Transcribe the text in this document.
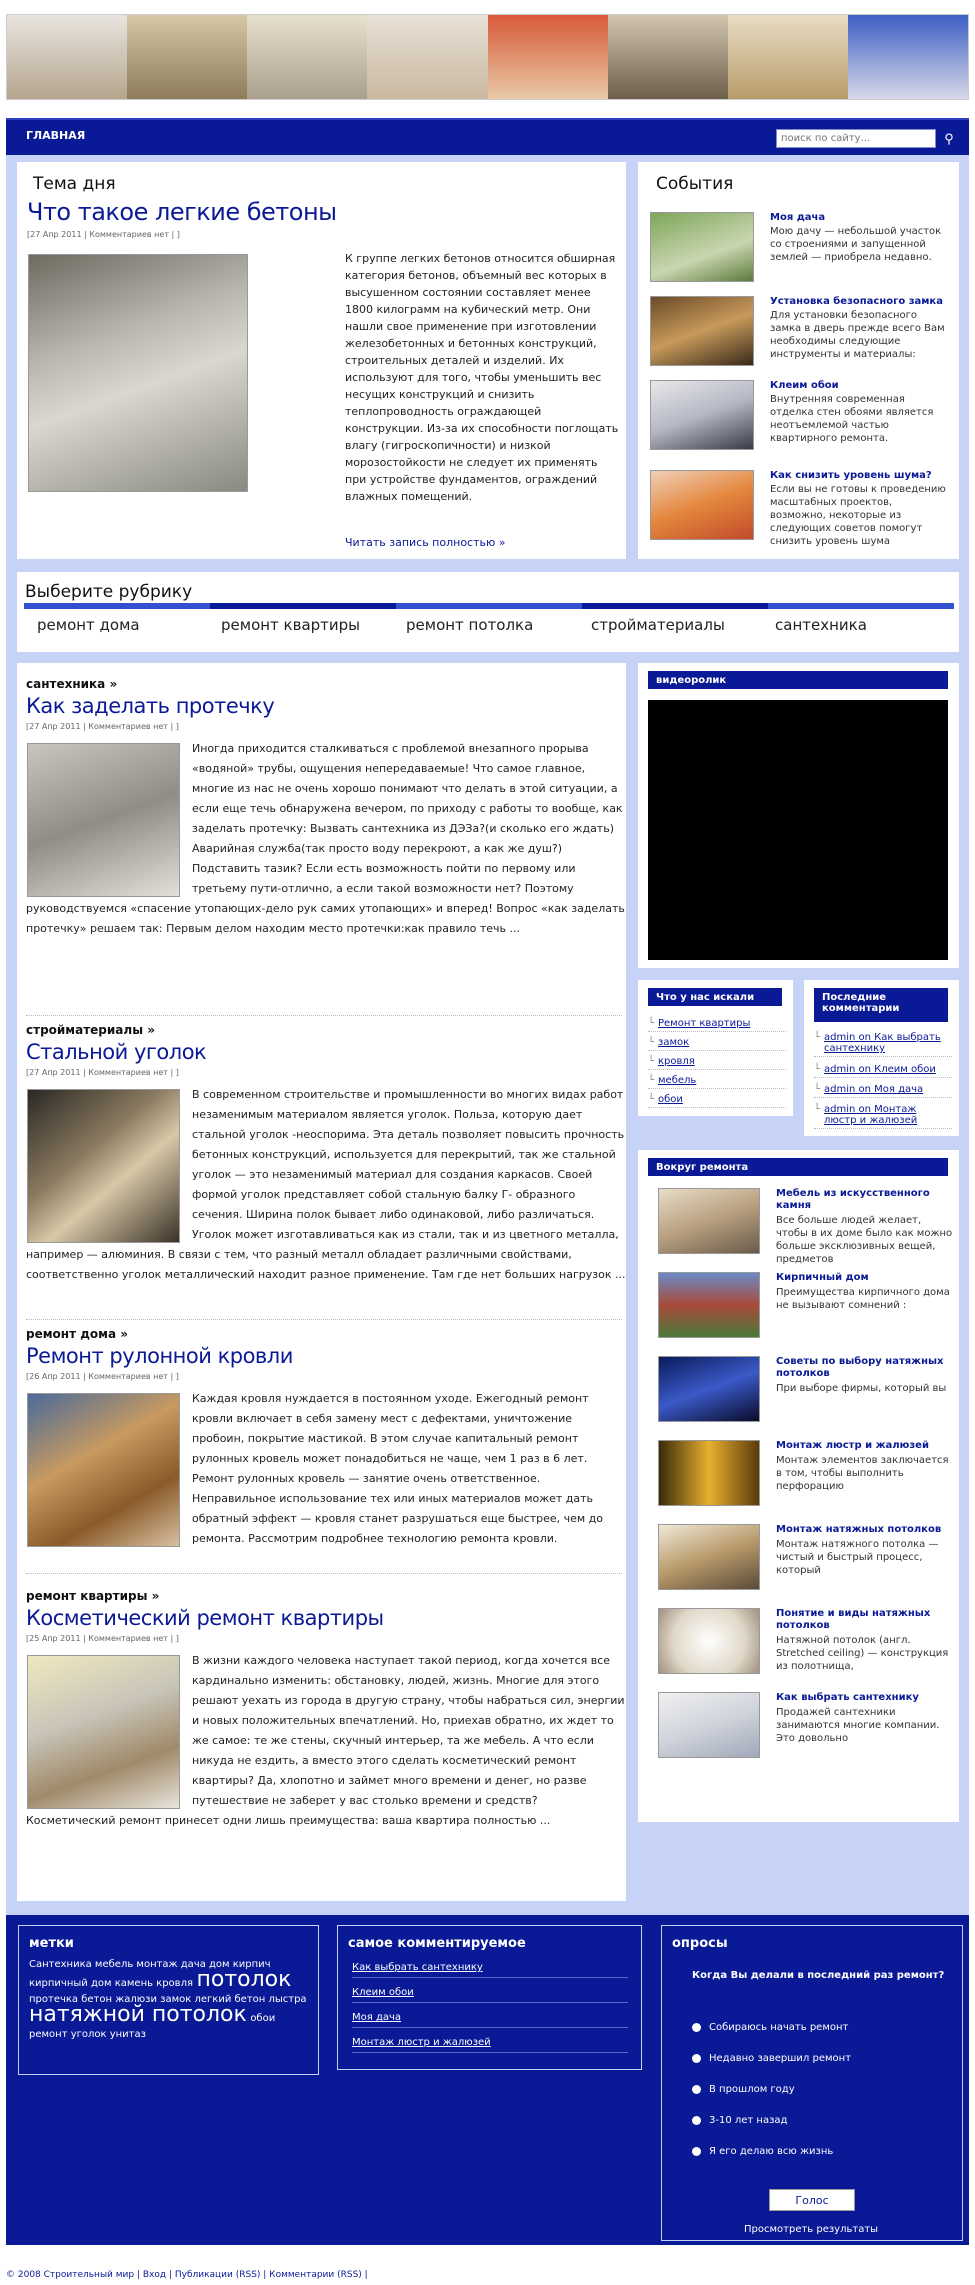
ГЛАВНАЯ
поиск по сайту...	⚲
Тема дня
Что такое легкие бетоны
[27 Апр 2011 | Комментариев нет | ]
К группе легких бетонов относится обширная категория бетонов, объемный вес которых в высушенном состоянии составляет менее 1800 килограмм на кубический метр. Они нашли свое применение при изготовлении железобетонных и бетонных конструкций, строительных деталей и изделий. Их используют для того, чтобы уменьшить вес несущих конструкций и снизить теплопроводность ограждающей конструкции. Из-за их способности поглощать влагу (гигроскопичности) и низкой морозостойкости не следует их применять при устройстве фундаментов, ограждений влажных помещений.
Читать запись полностью »
События
Моя дача
Мою дачу — небольшой участок со строениями и запущенной землей — приобрела недавно.
Установка безопасного замка
Для установки безопасного замка в дверь прежде всего Вам необходимы следующие инструменты и материалы:
Клеим обои
Внутренняя современная отделка стен обоями является неотъемлемой частью квартирного ремонта.
Как снизить уровень шума?
Если вы не готовы к проведению масштабных проектов, возможно, некоторые из следующих советов помогут снизить уровень шума
Выберите рубрику
ремонт дома	ремонт квартиры	ремонт потолка	стройматериалы	сантехника
сантехника »
Как заделать протечку
[27 Апр 2011 | Комментариев нет | ]
Иногда приходится сталкиваться с проблемой внезапного прорыва «водяной» трубы, ощущения непередаваемые! Что самое главное, многие из нас не очень хорошо понимают что делать в этой ситуации, а если еще течь обнаружена вечером, по приходу с работы то вообще, как заделать протечку: Вызвать сантехника из ДЭЗа?(и сколько его ждать) Аварийная служба(так просто воду перекроют, а как же душ?) Подставить тазик? Если есть возможность пойти по первому или третьему пути-отлично, а если такой возможности нет? Поэтому руководствуемся «спасение утопающих-дело рук самих утопающих» и вперед! Вопрос «как заделать протечку» решаем так: Первым делом находим место протечки:как правило течь ...
стройматериалы »
Стальной уголок
[27 Апр 2011 | Комментариев нет | ]
В современном строительстве и промышленности во многих видах работ незаменимым материалом является уголок. Польза, которую дает стальной уголок -неоспорима. Эта деталь позволяет повысить прочность бетонных конструкций, используется для перекрытий, так же стальной уголок — это незаменимый материал для создания каркасов. Своей формой уголок представляет собой стальную балку Г- образного сечения. Ширина полок бывает либо одинаковой, либо различаться. Уголок может изготавливаться как из стали, так и из цветного металла, например — алюминия. В связи с тем, что разный металл обладает различными свойствами, соответственно уголок металлический находит разное применение. Там где нет больших нагрузок ...
ремонт дома »
Ремонт рулонной кровли
[26 Апр 2011 | Комментариев нет | ]
Каждая кровля нуждается в постоянном уходе. Ежегодный ремонт кровли включает в себя замену мест с дефектами, уничтожение пробоин, покрытие мастикой. В этом случае капитальный ремонт рулонных кровель может понадобиться не чаще, чем 1 раз в 6 лет. Ремонт рулонных кровель — занятие очень ответственное. Неправильное использование тех или иных материалов может дать обратный эффект — кровля станет разрушаться еще быстрее, чем до ремонта. Рассмотрим подробнее технологию ремонта кровли.
ремонт квартиры »
Косметический ремонт квартиры
[25 Апр 2011 | Комментариев нет | ]
В жизни каждого человека наступает такой период, когда хочется все кардинально изменить: обстановку, людей, жизнь. Многие для этого решают уехать из города в другую страну, чтобы набраться сил, энергии и новых положительных впечатлений. Но, приехав обратно, их ждет то же самое: те же стены, скучный интерьер, та же мебель. А что если никуда не ездить, а вместо этого сделать косметический ремонт квартиры? Да, хлопотно и займет много времени и денег, но разве путешествие не заберет у вас столько времени и средств? Косметический ремонт принесет одни лишь преимущества: ваша квартира полностью ...
видеоролик
Что у нас искали
└ Ремонт квартиры
└ замок
└ кровля
└ мебель
└ обои
Последние комментарии
└ admin on Как выбрать сантехнику
└ admin on Клеим обои
└ admin on Моя дача
└ admin on Монтаж люстр и жалюзей
Вокруг ремонта
Мебель из искусственного камня
Все больше людей желает, чтобы в их доме было как можно больше эксклюзивных вещей, предметов
Кирпичный дом
Преимущества кирпичного дома не вызывают сомнений :
Советы по выбору натяжных потолков
При выборе фирмы, который вы
Монтаж люстр и жалюзей
Монтаж элементов заключается в том, чтобы выполнить перфорацию
Монтаж натяжных потолков
Монтаж натяжного потолка — чистый и быстрый процесс, который
Понятие и виды натяжных потолков
Натяжной потолок (англ. Stretched ceiling) — конструкция из полотнища,
Как выбрать сантехнику
Продажей сантехники занимаются многие компании. Это довольно
метки
Сантехника мебель монтаж дача дом кирпич
кирпичный дом камень кровля потолок
протечка бетон жалюзи замок легкий бетон лыстра
натяжной потолок обои
ремонт уголок унитаз
самое комментируемое
Как выбрать сантехнику
Клеим обои
Моя дача
Монтаж люстр и жалюзей
опросы
Когда Вы делали в последний раз ремонт?
Собираюсь начать ремонт
Недавно завершил ремонт
В прошлом году
3-10 лет назад
Я его делаю всю жизнь
Голос
Просмотреть результаты
© 2008 Строительный мир | Вход | Публикации (RSS) | Комментарии (RSS) |
